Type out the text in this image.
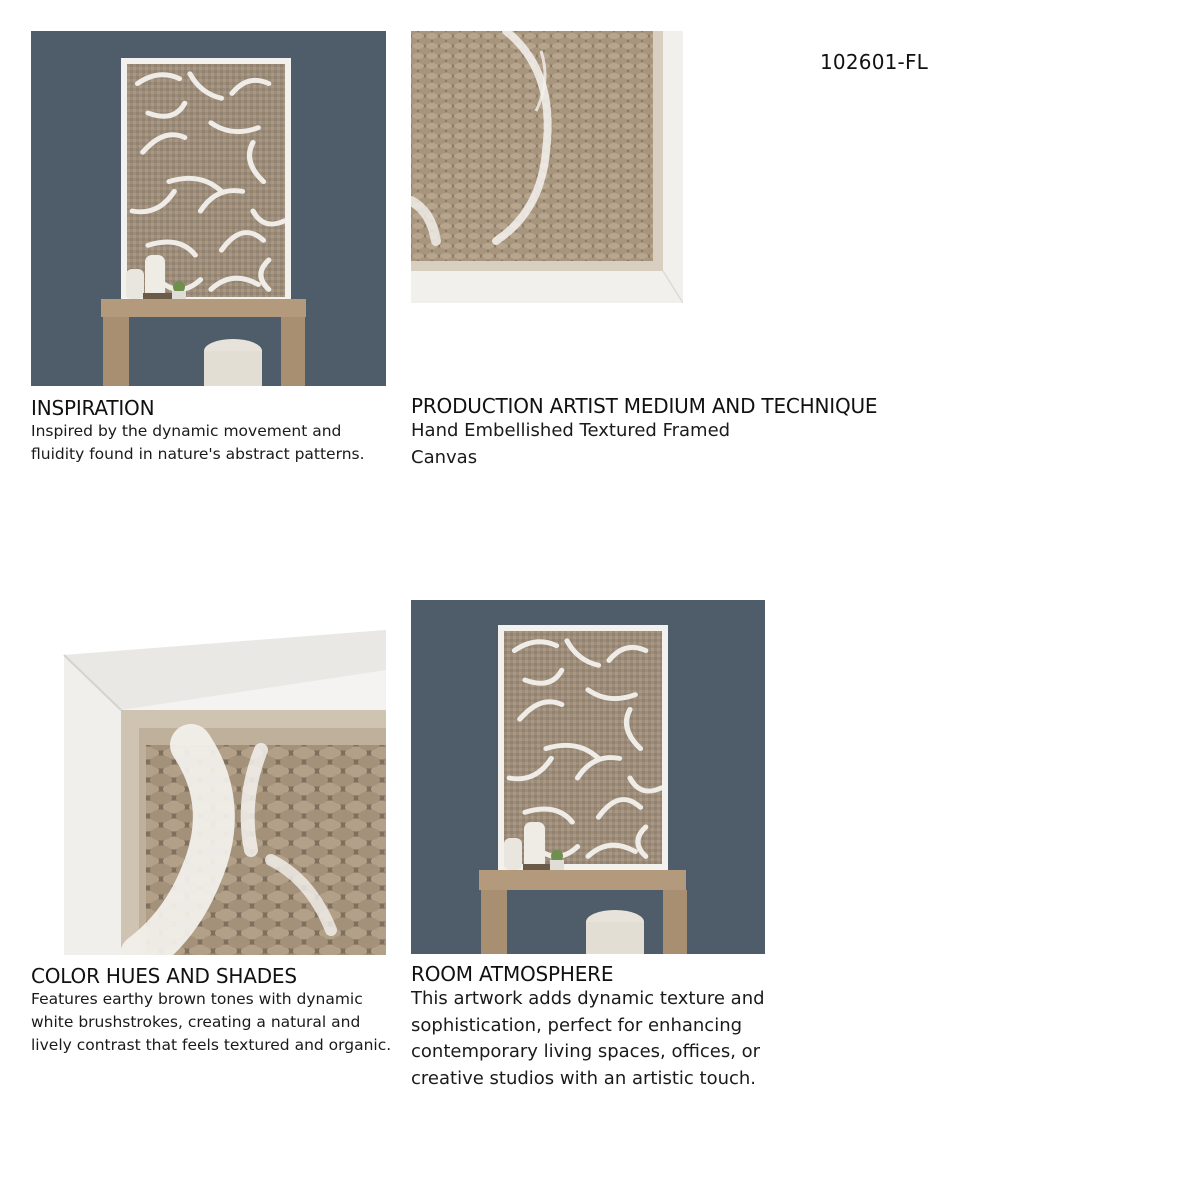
102601-FL
INSPIRATION

Inspired by the dynamic movement and

fluidity found in nature's abstract patterns.

PRODUCTION ARTIST MEDIUM AND TECHNIQUE

Hand Embellished Textured Framed

Canvas

COLOR HUES AND SHADES

Features earthy brown tones with dynamic

white brushstrokes, creating a natural and

lively contrast that feels textured and organic.

ROOM ATMOSPHERE

This artwork adds dynamic texture and

sophistication, perfect for enhancing

contemporary living spaces, offices, or

creative studios with an artistic touch.
